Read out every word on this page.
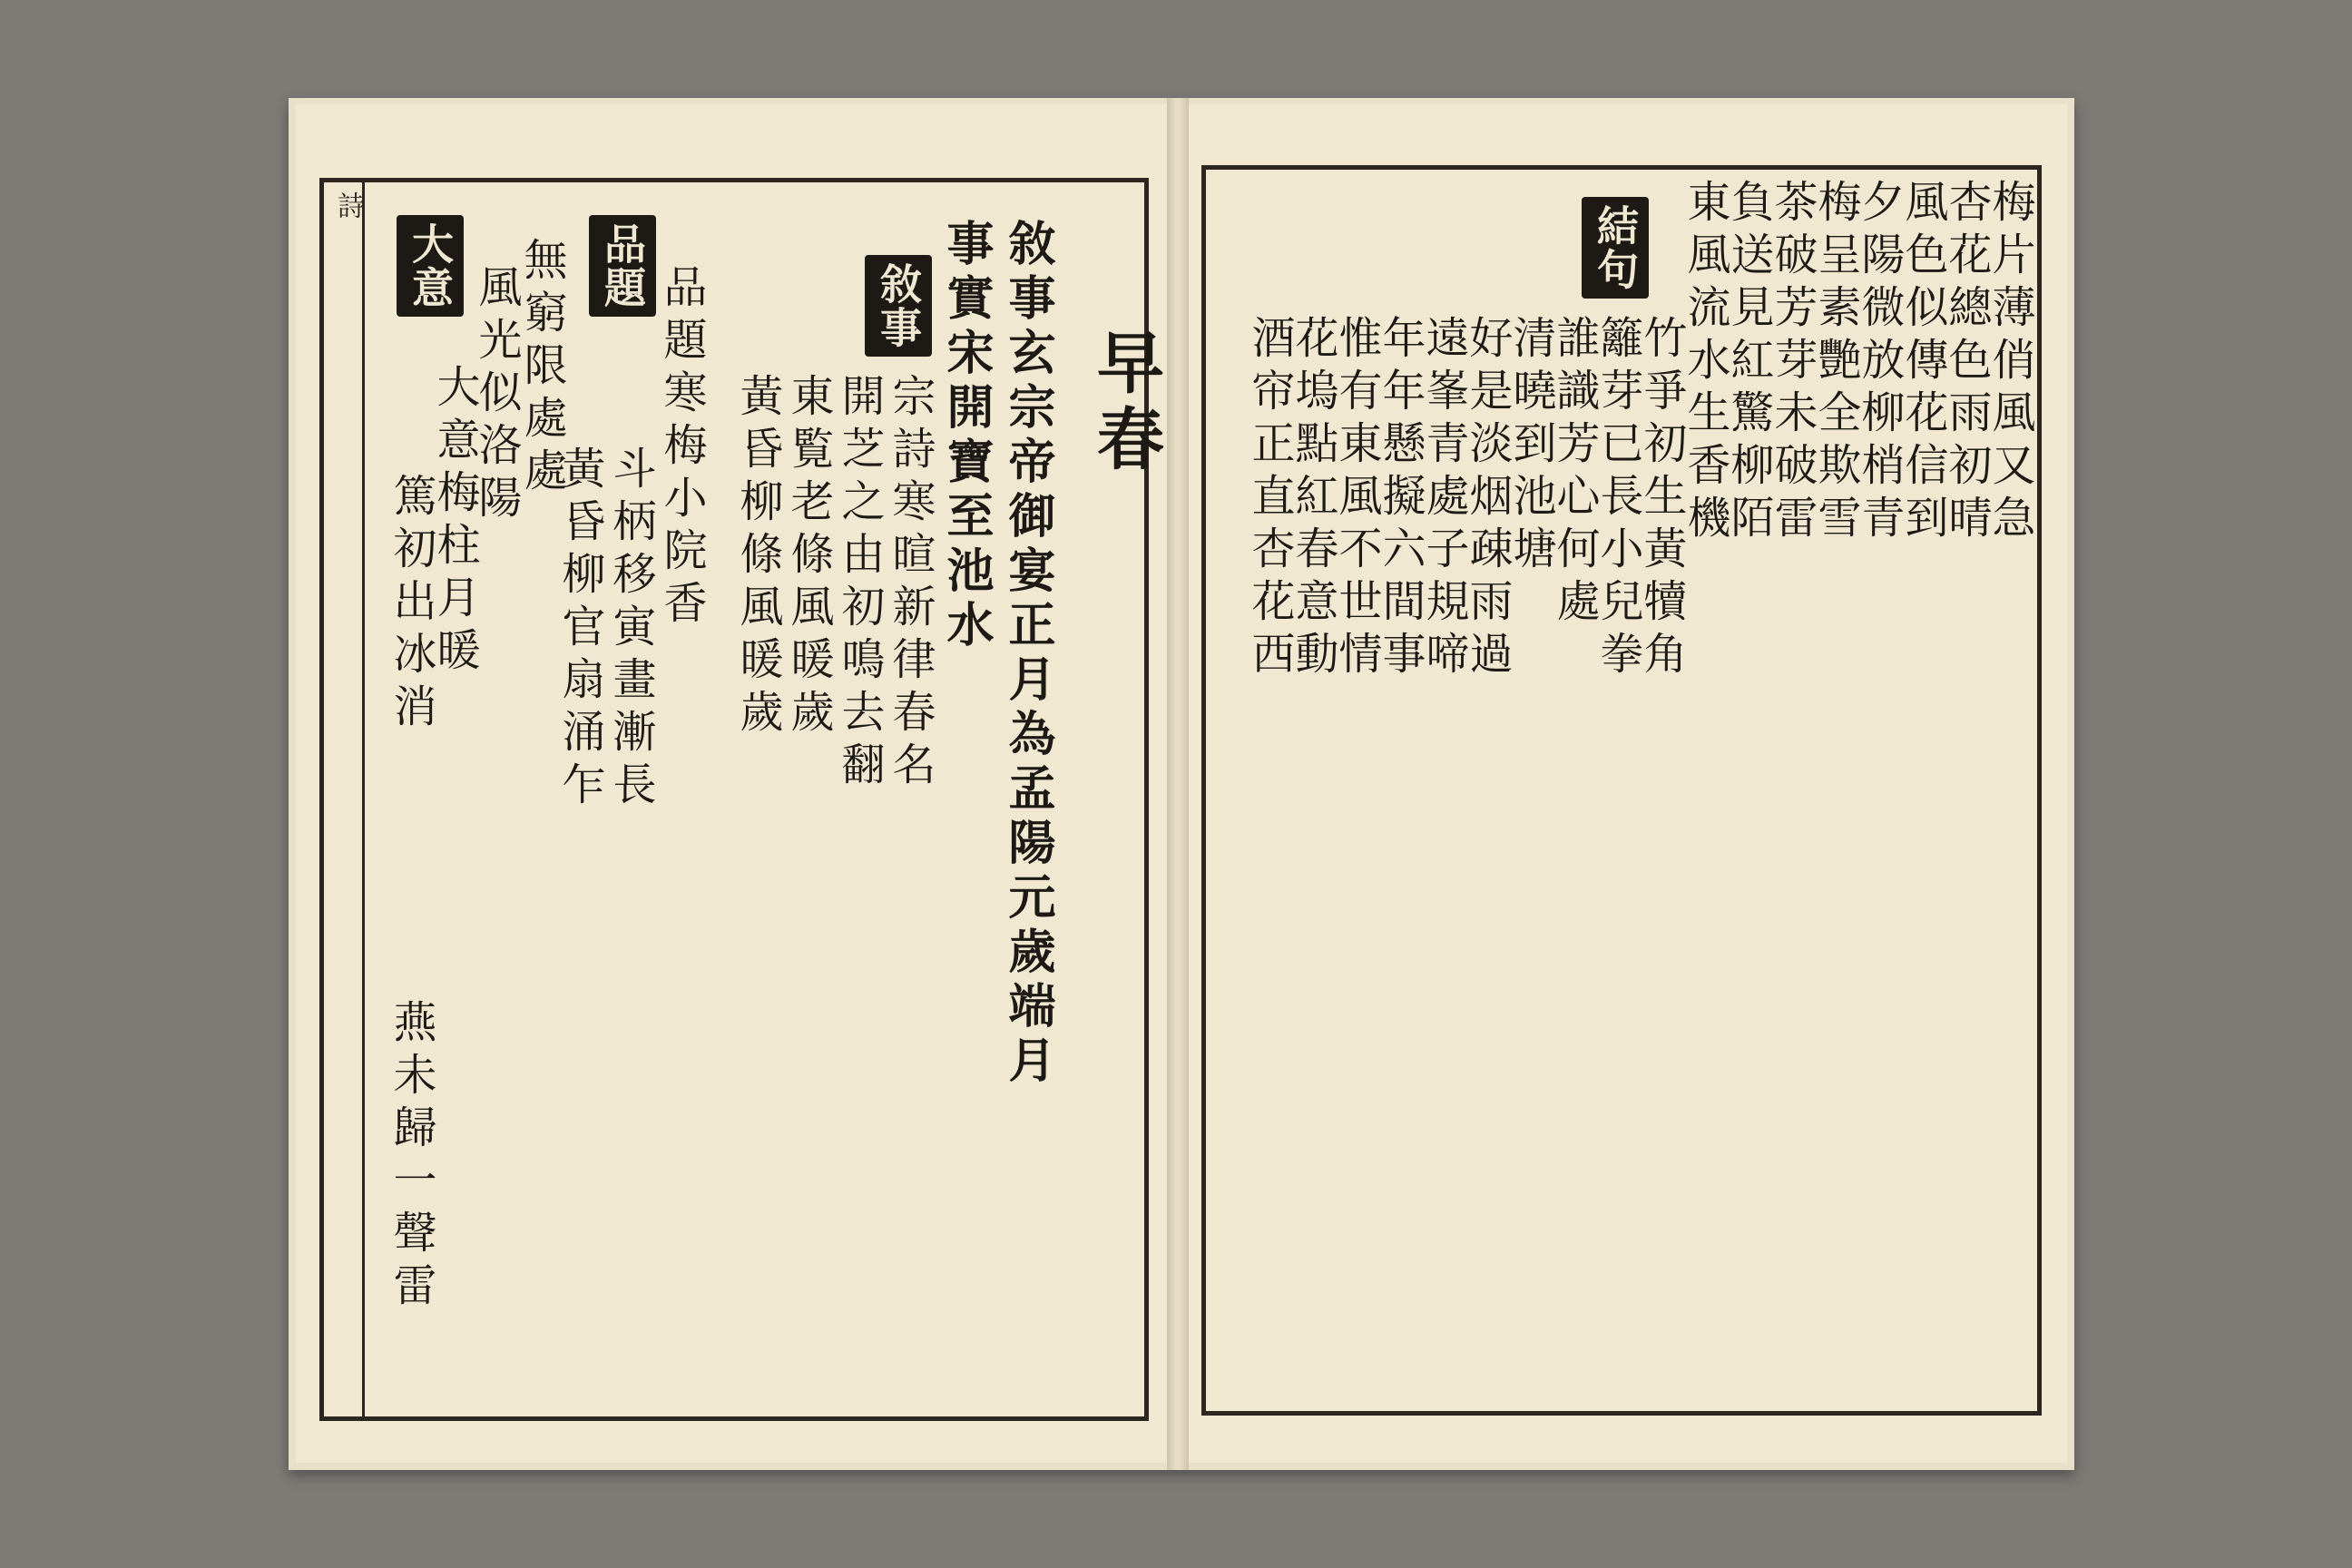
詩
大意	品題	敘事
早春
敘事玄宗帝御宴正月為孟陽元歲端月
事實宋開寶至池水
宗詩寒暄新律春名
開芝之由初鳴去翻
東覧老條風暖歲
黃昏柳條風暖歲
品題寒梅小院香
斗柄移寅畫漸長
黃昏柳官扇涌乍
無窮限處處
風光似洛陽
大意梅柱月暖
篤初出冰消
燕未歸一聲雷
結句	梅片薄俏風又急
杏花總色雨初晴
風色似傳花信到
夕陽微放柳梢青
梅呈素艷全欺雪
茶破芳芽未破雷
負送見紅驚柳陌
東風流水生香機
竹爭初生黃犢角
籬芽已長小兒拳
誰識芳心何處
清曉到池塘
好是淡烟疎雨過
遠峯青處子規啼
年年懸擬六間事
惟有東風不世情
花塢點紅春意動
酒帘正直杏花西
